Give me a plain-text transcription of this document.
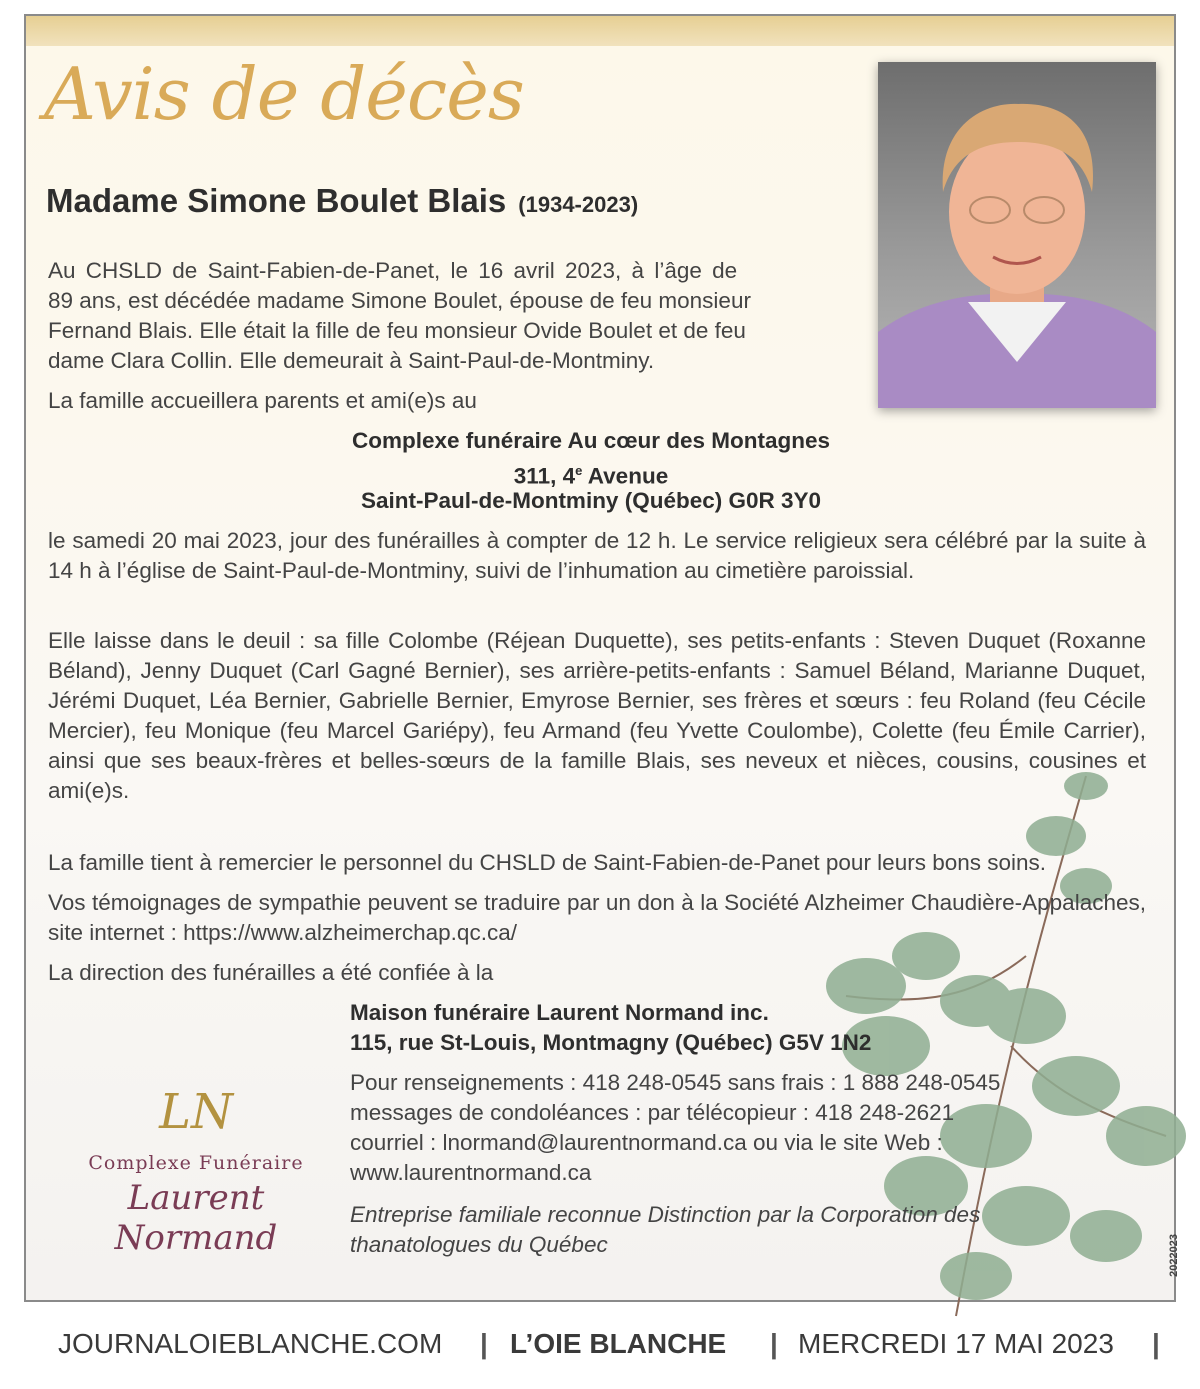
Avis de décès
Madame Simone Boulet Blais (1934-2023)
Au CHSLD de Saint-Fabien-de-Panet, le 16 avril 2023, à l’âge de
89 ans, est décédée madame Simone Boulet, épouse de feu monsieur
Fernand Blais. Elle était la fille de feu monsieur Ovide Boulet et de feu
dame Clara Collin. Elle demeurait à Saint-Paul-de-Montminy.
La famille accueillera parents et ami(e)s au
Complexe funéraire Au cœur des Montagnes
311, 4e Avenue
Saint-Paul-de-Montminy (Québec) G0R 3Y0
le samedi 20 mai 2023, jour des funérailles à compter de 12 h. Le service religieux sera célébré par la suite à 14 h à l’église de Saint-Paul-de-Montminy, suivi de l’inhumation au cimetière paroissial.
Elle laisse dans le deuil : sa fille Colombe (Réjean Duquette), ses petits-enfants : Steven Duquet (Roxanne Béland), Jenny Duquet (Carl Gagné Bernier), ses arrière-petits-enfants : Samuel Béland, Marianne Duquet, Jérémi Duquet, Léa Bernier, Gabrielle Bernier, Emyrose Bernier, ses frères et sœurs : feu Roland (feu Cécile Mercier), feu Monique (feu Marcel Gariépy), feu Armand (feu Yvette Coulombe), Colette (feu Émile Carrier), ainsi que ses beaux-frères et belles-sœurs de la famille Blais, ses neveux et nièces, cousins, cousines et ami(e)s.
La famille tient à remercier le personnel du CHSLD de Saint-Fabien-de-Panet pour leurs bons soins.
Vos témoignages de sympathie peuvent se traduire par un don à la Société Alzheimer Chaudière-Appalaches, site internet : https://www.alzheimerchap.qc.ca/
La direction des funérailles a été confiée à la
Maison funéraire Laurent Normand inc.
115, rue St-Louis, Montmagny (Québec) G5V 1N2
Pour renseignements : 418 248-0545 sans frais : 1 888 248-0545
messages de condoléances : par télécopieur : 418 248-2621
courriel : lnormand@laurentnormand.ca ou via le site Web :
www.laurentnormand.ca
Entreprise familiale reconnue Distinction par la Corporation des
thanatologues du Québec
LN
Complexe Funéraire
Laurent Normand	2022023
JOURNALOIEBLANCHE.COM | L’OIE BLANCHE | MERCREDI 17 MAI 2023 |
